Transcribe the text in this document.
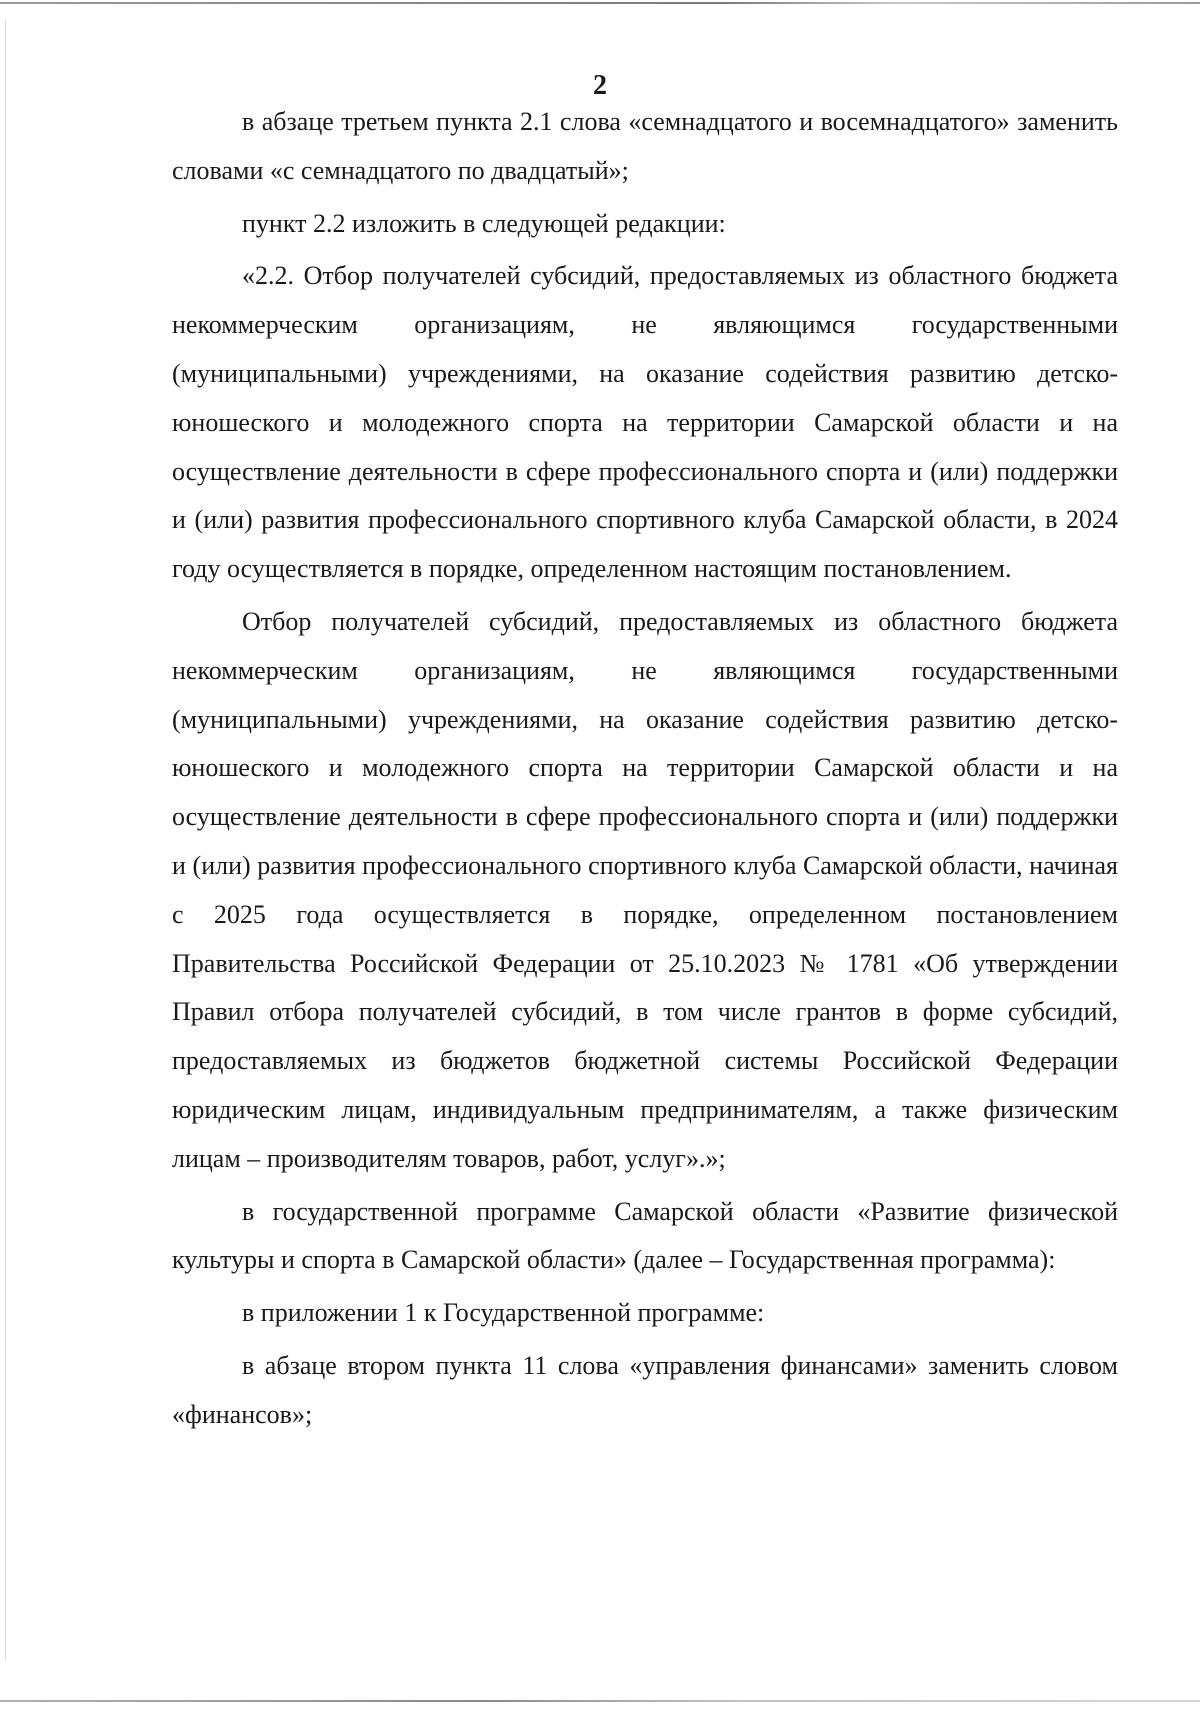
2

в абзаце третьем пункта 2.1 слова «семнадцатого и восемнадцатого» заменить словами «с семнадцатого по двадцатый»;

пункт 2.2 изложить в следующей редакции:

«2.2. Отбор получателей субсидий, предоставляемых из областного бюджета некоммерческим организациям, не являющимся государственными (муниципальными) учреждениями, на оказание содействия развитию детско-юношеского и молодежного спорта на территории Самарской области и на осуществление деятельности в сфере профессионального спорта и (или) поддержки и (или) развития профессионального спортивного клуба Самарской области, в 2024 году осуществляется в порядке, определенном настоящим постановлением.

Отбор получателей субсидий, предоставляемых из областного бюджета некоммерческим организациям, не являющимся государственными (муниципальными) учреждениями, на оказание содействия развитию детско-юношеского и молодежного спорта на территории Самарской области и на осуществление деятельности в сфере профессионального спорта и (или) поддержки и (или) развития профессионального спортивного клуба Самарской области, начиная с 2025 года осуществляется в порядке, определенном постановлением Правительства Российской Федерации от 25.10.2023 № 1781 «Об утверждении Правил отбора получателей субсидий, в том числе грантов в форме субсидий, предоставляемых из бюджетов бюджетной системы Российской Федерации юридическим лицам, индивидуальным предпринимателям, а также физическим лицам – производителям товаров, работ, услуг».»;

в государственной программе Самарской области «Развитие физической культуры и спорта в Самарской области» (далее – Государственная программа):

в приложении 1 к Государственной программе:

в абзаце втором пункта 11 слова «управления финансами» заменить словом «финансов»;
